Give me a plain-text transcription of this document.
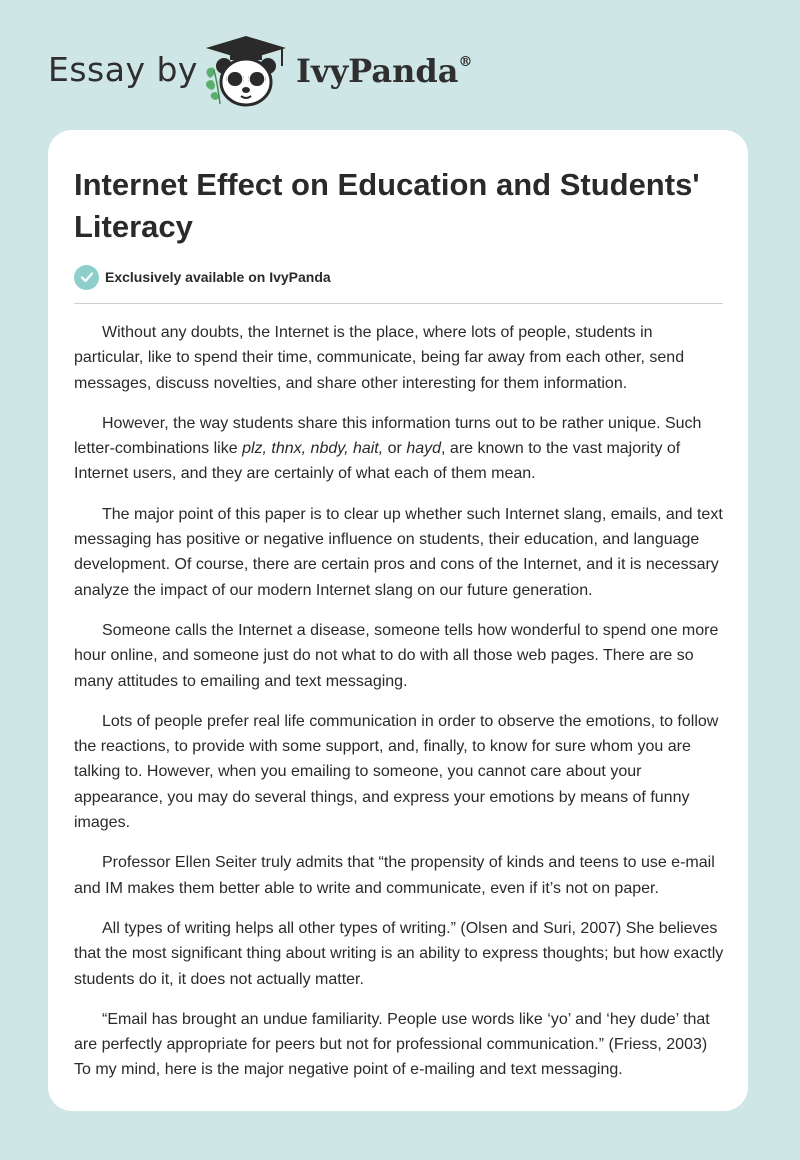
Essay by	IvyPanda®
Internet Effect on Education and Students' Literacy
Exclusively available on IvyPanda

Without any doubts, the Internet is the place, where lots of people, students in particular, like to spend their time, communicate, being far away from each other, send messages, discuss novelties, and share other interesting for them information.

However, the way students share this information turns out to be rather unique. Such letter-combinations like plz, thnx, nbdy, hait, or hayd, are known to the vast majority of Internet users, and they are certainly of what each of them mean.

The major point of this paper is to clear up whether such Internet slang, emails, and text messaging has positive or negative influence on students, their education, and language development. Of course, there are certain pros and cons of the Internet, and it is necessary analyze the impact of our modern Internet slang on our future generation.

Someone calls the Internet a disease, someone tells how wonderful to spend one more hour online, and someone just do not what to do with all those web pages. There are so many attitudes to emailing and text messaging.

Lots of people prefer real life communication in order to observe the emotions, to follow the reactions, to provide with some support, and, finally, to know for sure whom you are talking to. However, when you emailing to someone, you cannot care about your appearance, you may do several things, and express your emotions by means of funny images.

Professor Ellen Seiter truly admits that “the propensity of kinds and teens to use e-mail and IM makes them better able to write and communicate, even if it’s not on paper.

All types of writing helps all other types of writing.” (Olsen and Suri, 2007) She believes that the most significant thing about writing is an ability to express thoughts; but how exactly students do it, it does not actually matter.

“Email has brought an undue familiarity. People use words like ‘yo’ and ‘hey dude’ that are perfectly appropriate for peers but not for professional communication.” (Friess, 2003) To my mind, here is the major negative point of e-mailing and text messaging.
